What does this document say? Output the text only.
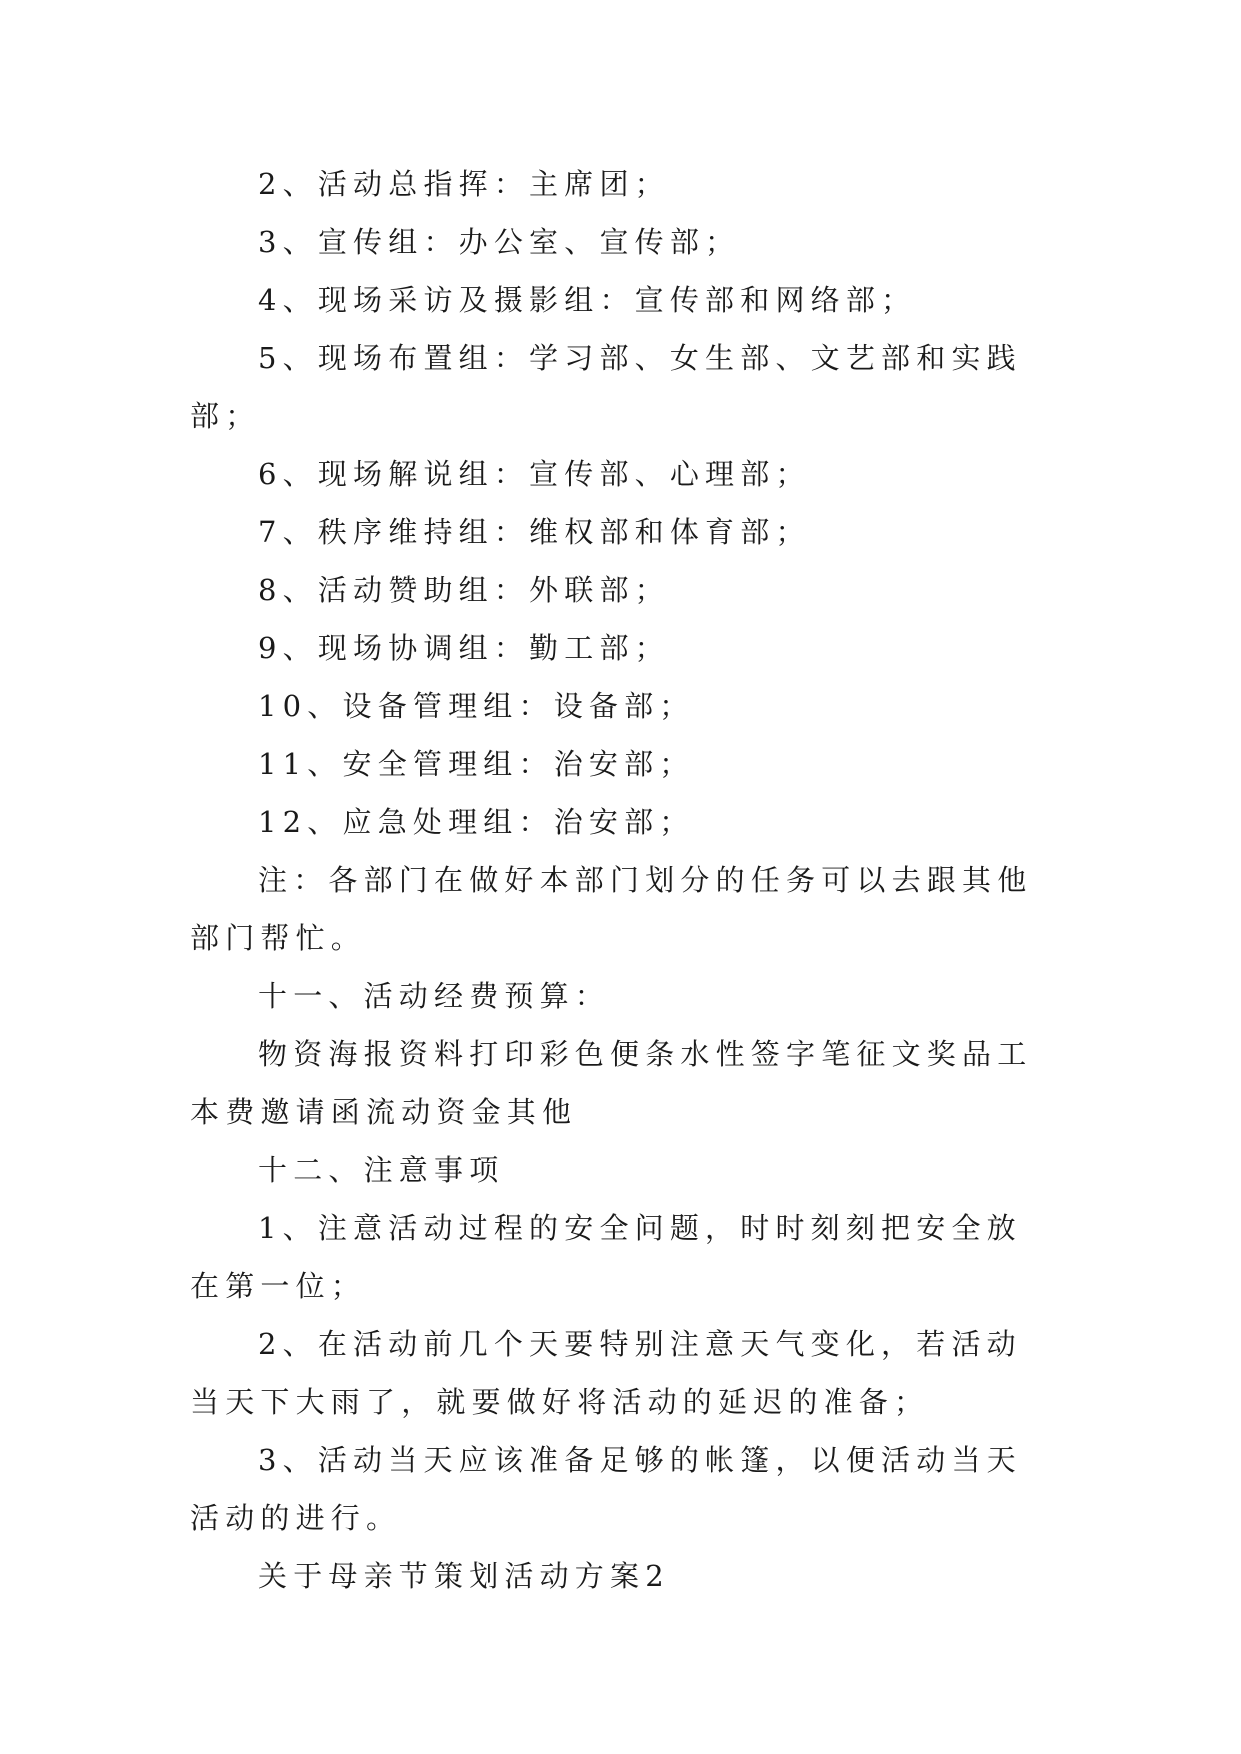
2、活动总指挥：主席团；

3、宣传组：办公室、宣传部；

4、现场采访及摄影组：宣传部和网络部；

5、现场布置组：学习部、女生部、文艺部和实践部；

6、现场解说组：宣传部、心理部；

7、秩序维持组：维权部和体育部；

8、活动赞助组：外联部；

9、现场协调组：勤工部；

10、设备管理组：设备部；

11、安全管理组：治安部；

12、应急处理组：治安部；

注：各部门在做好本部门划分的任务可以去跟其他部门帮忙。

十一、活动经费预算：

物资海报资料打印彩色便条水性签字笔征文奖品工本费邀请函流动资金其他

十二、注意事项

1、注意活动过程的安全问题，时时刻刻把安全放在第一位；

2、在活动前几个天要特别注意天气变化，若活动当天下大雨了，就要做好将活动的延迟的准备；

3、活动当天应该准备足够的帐篷，以便活动当天活动的进行。

关于母亲节策划活动方案2
